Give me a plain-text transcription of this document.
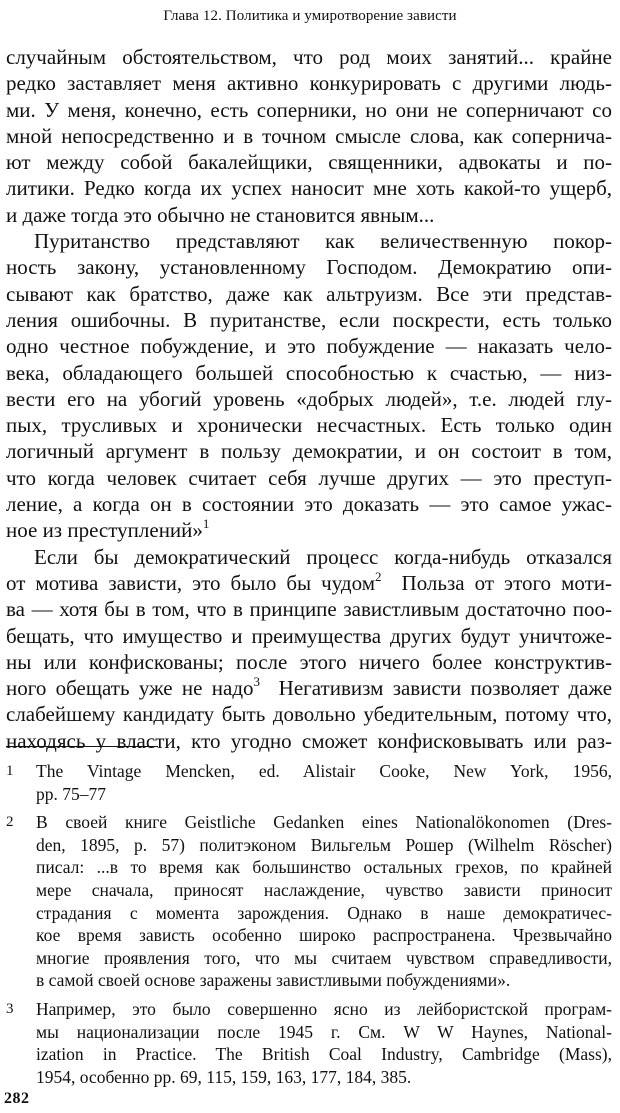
Глава 12. Политика и умиротворение зависти
случайным обстоятельством, что род моих занятий... крайне
редко заставляет меня активно конкурировать с другими людь-
ми. У меня, конечно, есть соперники, но они не соперничают со
мной непосредственно и в точном смысле слова, как сопернича-
ют между собой бакалейщики, священники, адвокаты и по-
литики. Редко когда их успех наносит мне хоть какой-то ущерб,
и даже тогда это обычно не становится явным...
Пуританство представляют как величественную покор-
ность закону, установленному Господом. Демократию опи-
сывают как братство, даже как альтруизм. Все эти представ-
ления ошибочны. В пуританстве, если поскрести, есть только
одно честное побуждение, и это побуждение — наказать чело-
века, обладающего большей способностью к счастью, — низ-
вести его на убогий уровень «добрых людей», т.е. людей глу-
пых, трусливых и хронически несчастных. Есть только один
логичный аргумент в пользу демократии, и он состоит в том,
что когда человек считает себя лучше других — это преступ-
ление, а когда он в состоянии это доказать — это самое ужас-
ное из преступлений»$^1$
Если бы демократический процесс когда-нибудь отказался
от мотива зависти, это было бы чудом$^2$ Польза от этого моти-
ва — хотя бы в том, что в принципе завистливым достаточно поо-
бещать, что имущество и преимущества других будут уничтоже-
ны или конфискованы; после этого ничего более конструктив-
ного обещать уже не надо$^3$ Негативизм зависти позволяет даже
слабейшему кандидату быть довольно убедительным, потому что,
находясь у власти, кто угодно сможет конфисковывать или раз-
1 The Vintage Mencken, ed. Alistair Cooke, New York, 1956,
pp. 75–77
2 В своей книге Geistliche Gedanken eines Nationalökonomen (Dres-
den, 1895, p. 57) политэконом Вильгельм Рошер (Wilhelm Röscher)
писал: ...в то время как большинство остальных грехов, по крайней
мере сначала, приносят наслаждение, чувство зависти приносит
страдания с момента зарождения. Однако в наше демократичес-
кое время зависть особенно широко распространена. Чрезвычайно
многие проявления того, что мы считаем чувством справедливости,
в самой своей основе заражены завистливыми побуждениями».
3 Например, это было совершенно ясно из лейбористской програм-
мы национализации после 1945 г. См. W W Haynes, National-
ization in Practice. The British Coal Industry, Cambridge (Mass),
1954, особенно pp. 69, 115, 159, 163, 177, 184, 385.
282
